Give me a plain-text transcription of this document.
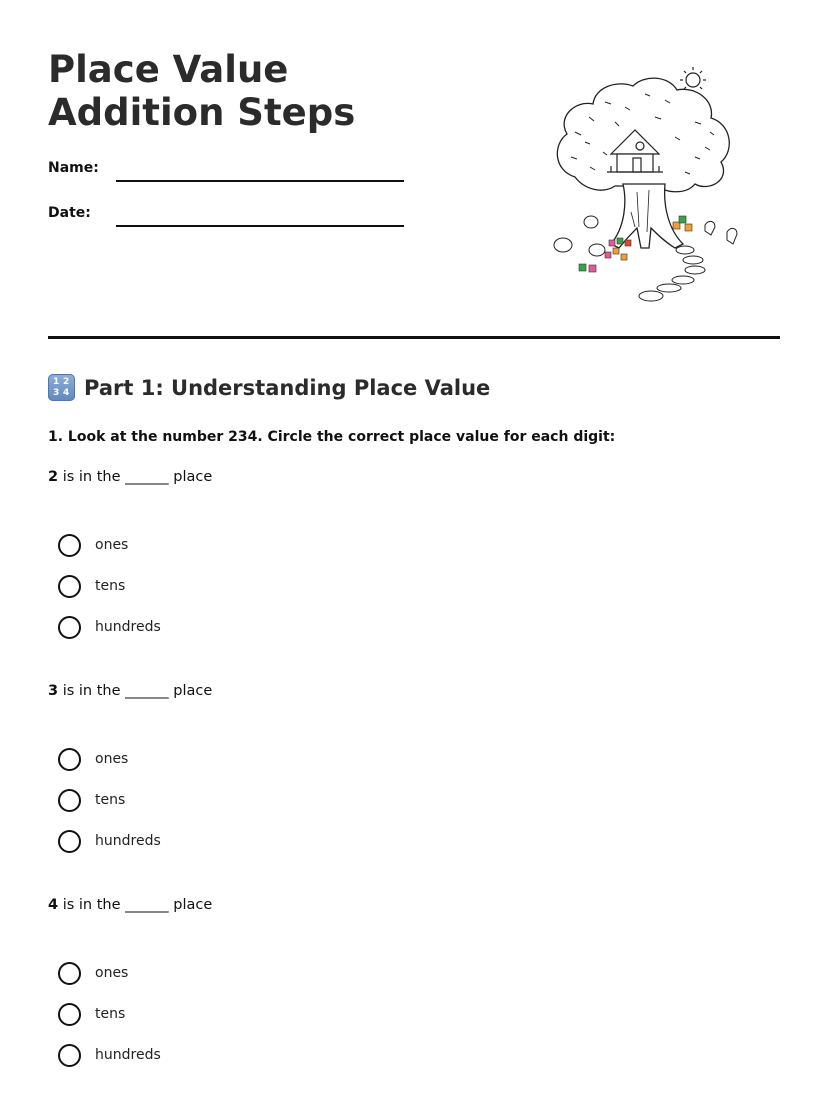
Place Value Addition Steps
Name:
Date:
1 2
3 4 Part 1: Understanding Place Value

1. Look at the number 234. Circle the correct place value for each digit:

2 is in the ______ place

ones
tens
hundreds

3 is in the ______ place

ones
tens
hundreds

4 is in the ______ place

ones
tens
hundreds
